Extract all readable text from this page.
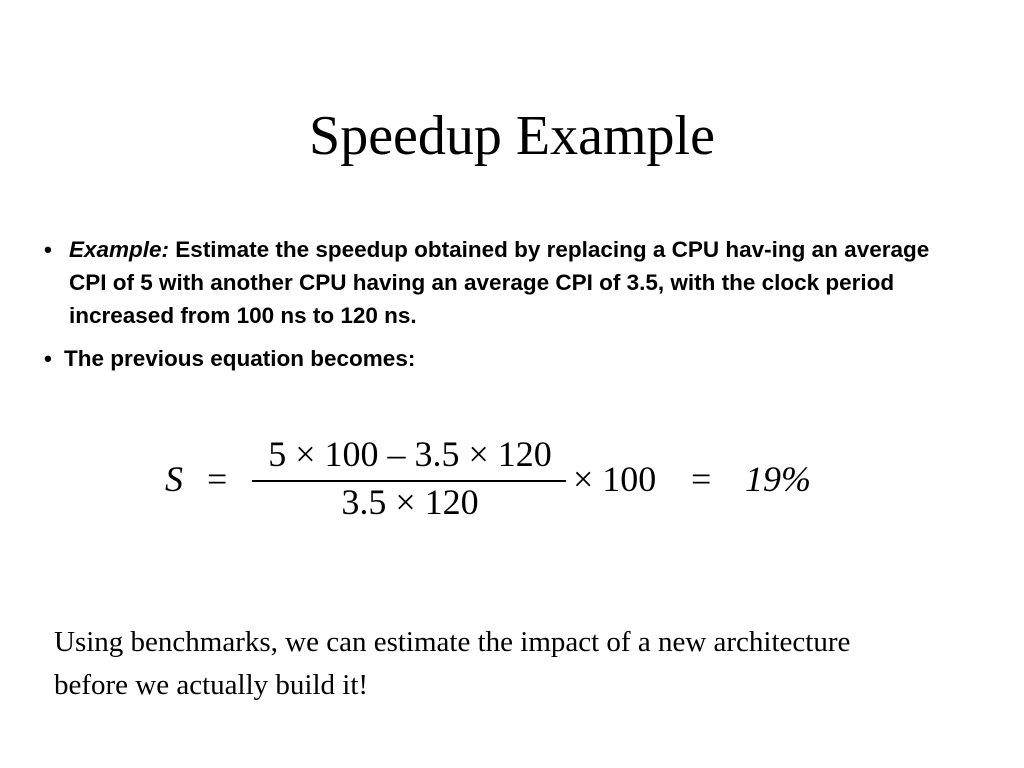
Speedup Example
• Example: Estimate the speedup obtained by replacing a CPU hav-ing an average CPI of 5 with another CPU having an average CPI of 3.5, with the clock period increased from 100 ns to 120 ns.
• The previous equation becomes:
S =
5 × 100 – 3.5 × 120
3.5 × 120
× 100 = 19%

Using benchmarks, we can estimate the impact of a new architecture before we actually build it!
